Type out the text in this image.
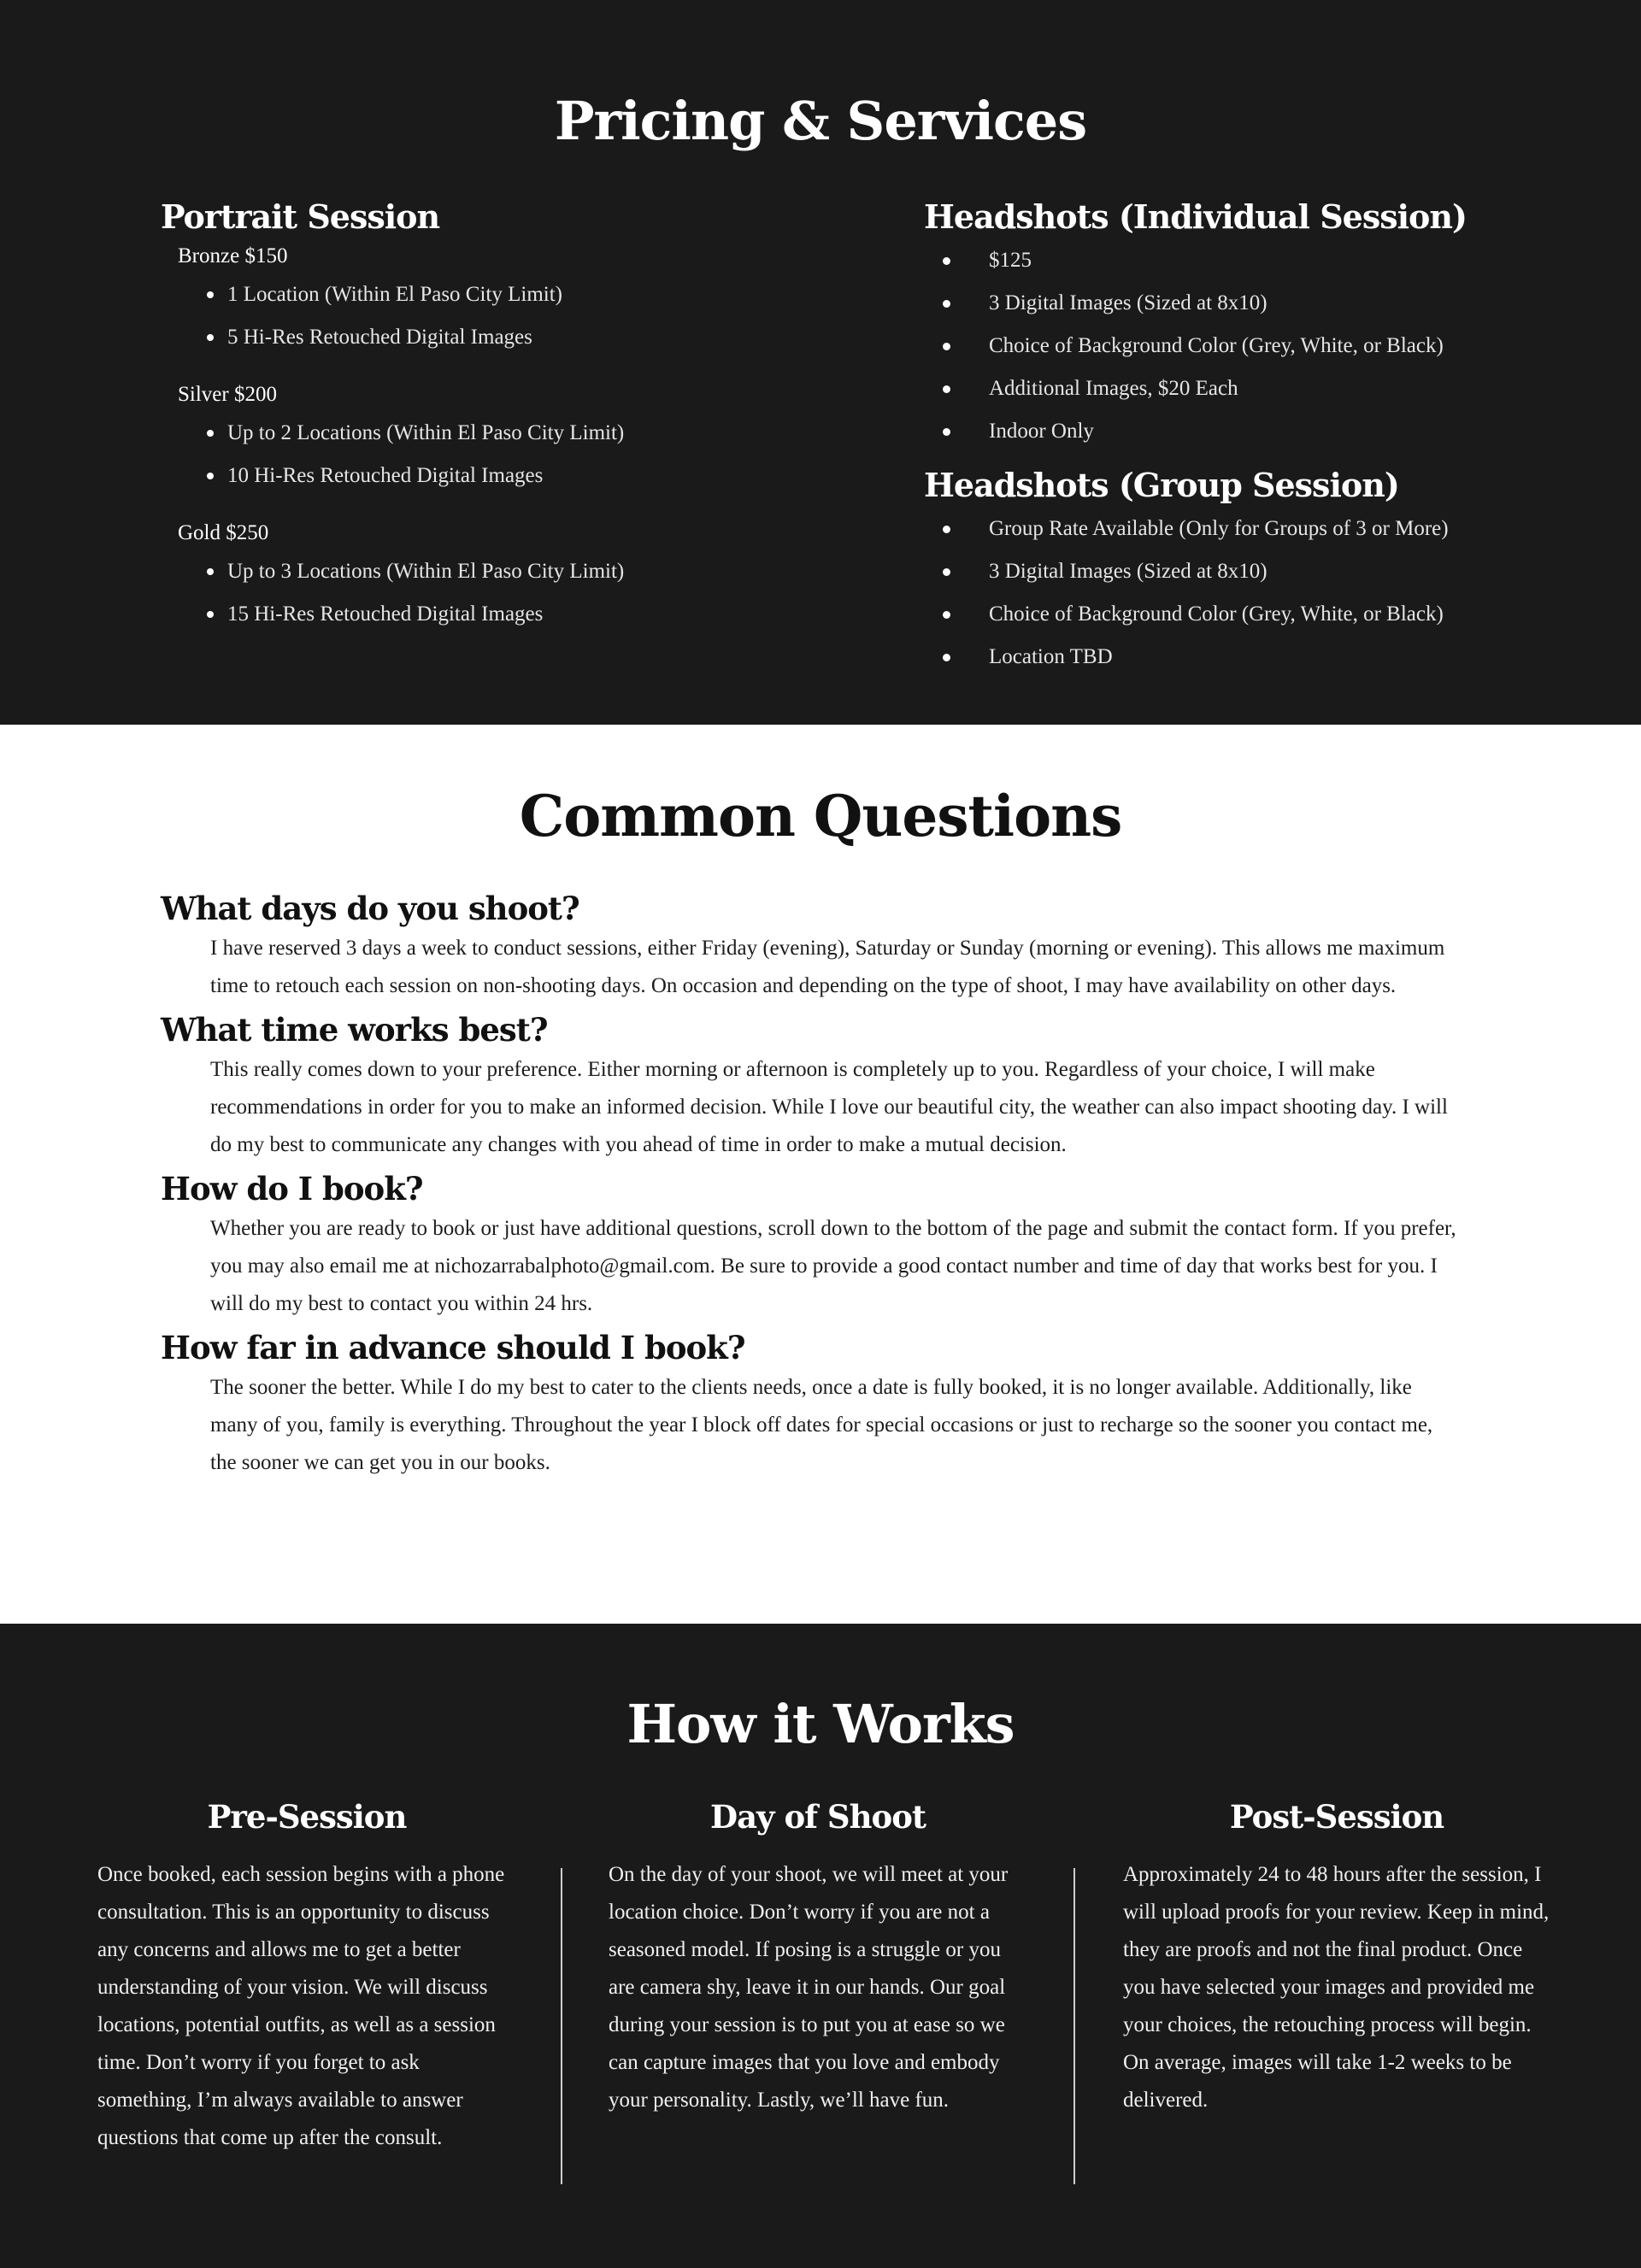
Pricing & Services
Portrait Session
Bronze $150
1 Location (Within El Paso City Limit)
5 Hi-Res Retouched Digital Images
Silver $200
Up to 2 Locations (Within El Paso City Limit)
10 Hi-Res Retouched Digital Images
Gold $250
Up to 3 Locations (Within El Paso City Limit)
15 Hi-Res Retouched Digital Images
Headshots (Individual Session)
$125
3 Digital Images (Sized at 8x10)
Choice of Background Color (Grey, White, or Black)
Additional Images, $20 Each
Indoor Only
Headshots (Group Session)
Group Rate Available (Only for Groups of 3 or More)
3 Digital Images (Sized at 8x10)
Choice of Background Color (Grey, White, or Black)
Location TBD
Common Questions
What days do you shoot?

I have reserved 3 days a week to conduct sessions, either Friday (evening), Saturday or Sunday (morning or evening). This allows me maximum time to retouch each session on non-shooting days. On occasion and depending on the type of shoot, I may have availability on other days.

What time works best?

This really comes down to your preference. Either morning or afternoon is completely up to you. Regardless of your choice, I will make recommendations in order for you to make an informed decision. While I love our beautiful city, the weather can also impact shooting day. I will do my best to communicate any changes with you ahead of time in order to make a mutual decision.

How do I book?

Whether you are ready to book or just have additional questions, scroll down to the bottom of the page and submit the contact form. If you prefer, you may also email me at nichozarrabalphoto@gmail.com. Be sure to provide a good contact number and time of day that works best for you. I will do my best to contact you within 24 hrs.

How far in advance should I book?

The sooner the better. While I do my best to cater to the clients needs, once a date is fully booked, it is no longer available. Additionally, like many of you, family is everything. Throughout the year I block off dates for special occasions or just to recharge so the sooner you contact me, the sooner we can get you in our books.

How it Works
Pre-Session

Once booked, each session begins with a phone consultation. This is an opportunity to discuss any concerns and allows me to get a better understanding of your vision. We will discuss locations, potential outfits, as well as a session time. Don’t worry if you forget to ask something, I’m always available to answer questions that come up after the consult.

Day of Shoot

On the day of your shoot, we will meet at your location choice. Don’t worry if you are not a seasoned model. If posing is a struggle or you are camera shy, leave it in our hands. Our goal during your session is to put you at ease so we can capture images that you love and embody your personality. Lastly, we’ll have fun.

Post-Session

Approximately 24 to 48 hours after the session, I will upload proofs for your review. Keep in mind, they are proofs and not the final product. Once you have selected your images and provided me your choices, the retouching process will begin. On average, images will take 1-2 weeks to be delivered.
